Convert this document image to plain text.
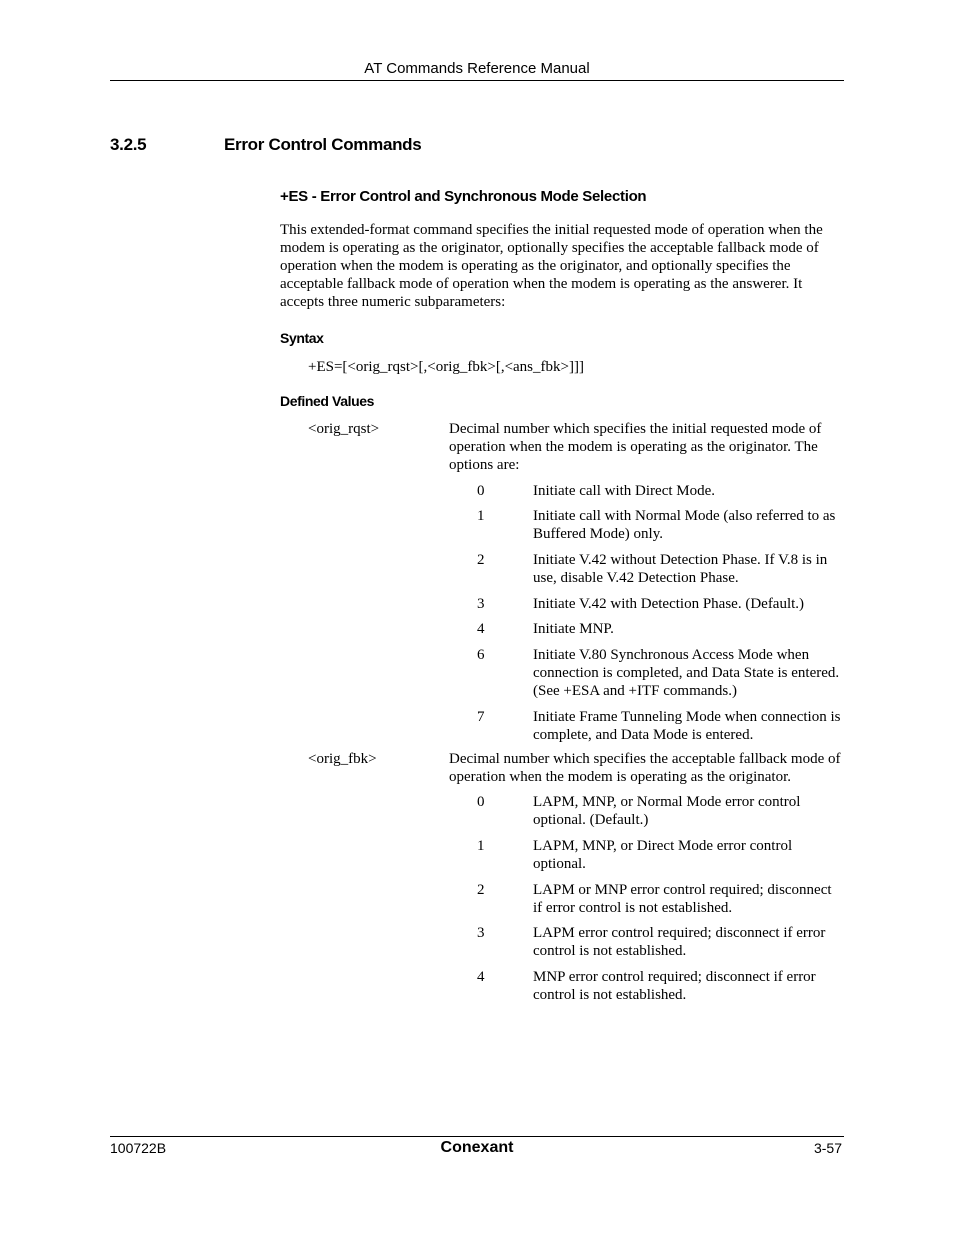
AT Commands Reference Manual
3.2.5	Error Control Commands
+ES - Error Control and Synchronous Mode Selection

This extended-format command specifies the initial requested mode of operation when the modem is operating as the originator, optionally specifies the acceptable fallback mode of operation when the modem is operating as the originator, and optionally specifies the acceptable fallback mode of operation when the modem is operating as the answerer. It accepts three numeric subparameters:

Syntax
+ES=[<orig_rqst>[,<orig_fbk>[,<ans_fbk>]]]
Defined Values
<orig_rqst>	Decimal number which specifies the initial requested mode of operation when the modem is operating as the originator. The options are:

0	Initiate call with Direct Mode.

1	Initiate call with Normal Mode (also referred to as Buffered Mode) only.

2	Initiate V.42 without Detection Phase. If V.8 is in use, disable V.42 Detection Phase.

3	Initiate V.42 with Detection Phase. (Default.)

4	Initiate MNP.

6	Initiate V.80 Synchronous Access Mode when connection is completed, and Data State is entered. (See +ESA and +ITF commands.)

7	Initiate Frame Tunneling Mode when connection is complete, and Data Mode is entered.

<orig_fbk>	Decimal number which specifies the acceptable fallback mode of operation when the modem is operating as the originator.

0	LAPM, MNP, or Normal Mode error control optional. (Default.)

1	LAPM, MNP, or Direct Mode error control optional.

2	LAPM or MNP error control required; disconnect if error control is not established.

3	LAPM error control required; disconnect if error control is not established.

4	MNP error control required; disconnect if error control is not established.

100722B	Conexant	3-57
